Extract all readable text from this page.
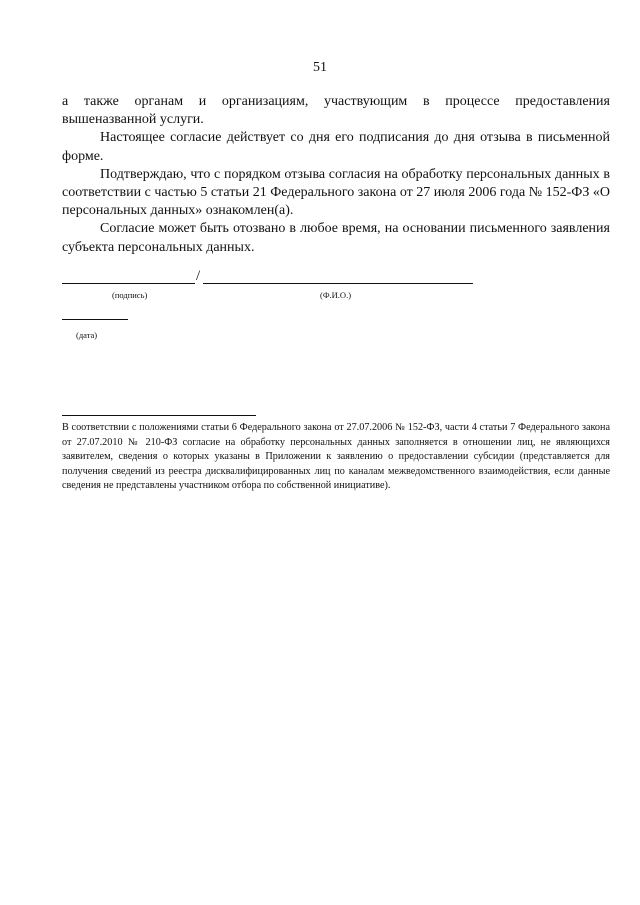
51

а также органам и организациям, участвующим в процессе предоставления вышеназванной услуги.

Настоящее согласие действует со дня его подписания до дня отзыва в письменной форме.

Подтверждаю, что с порядком отзыва согласия на обработку персональных данных в соответствии с частью 5 статьи 21 Федерального закона от 27 июля 2006 года № 152-ФЗ «О персональных данных» ознакомлен(а).

Согласие может быть отозвано в любое время, на основании письменного заявления субъекта персональных данных.

/
(подпись)	(Ф.И.О.)
(дата)

В соответствии с положениями статьи 6 Федерального закона от 27.07.2006 № 152-ФЗ, части 4 статьи 7 Федерального закона от 27.07.2010 № 210-ФЗ согласие на обработку персональных данных заполняется в отношении лиц, не являющихся заявителем, сведения о которых указаны в Приложении к заявлению о предоставлении субсидии (представляется для получения сведений из реестра дисквалифицированных лиц по каналам межведомственного взаимодействия, если данные сведения не представлены участником отбора по собственной инициативе).
